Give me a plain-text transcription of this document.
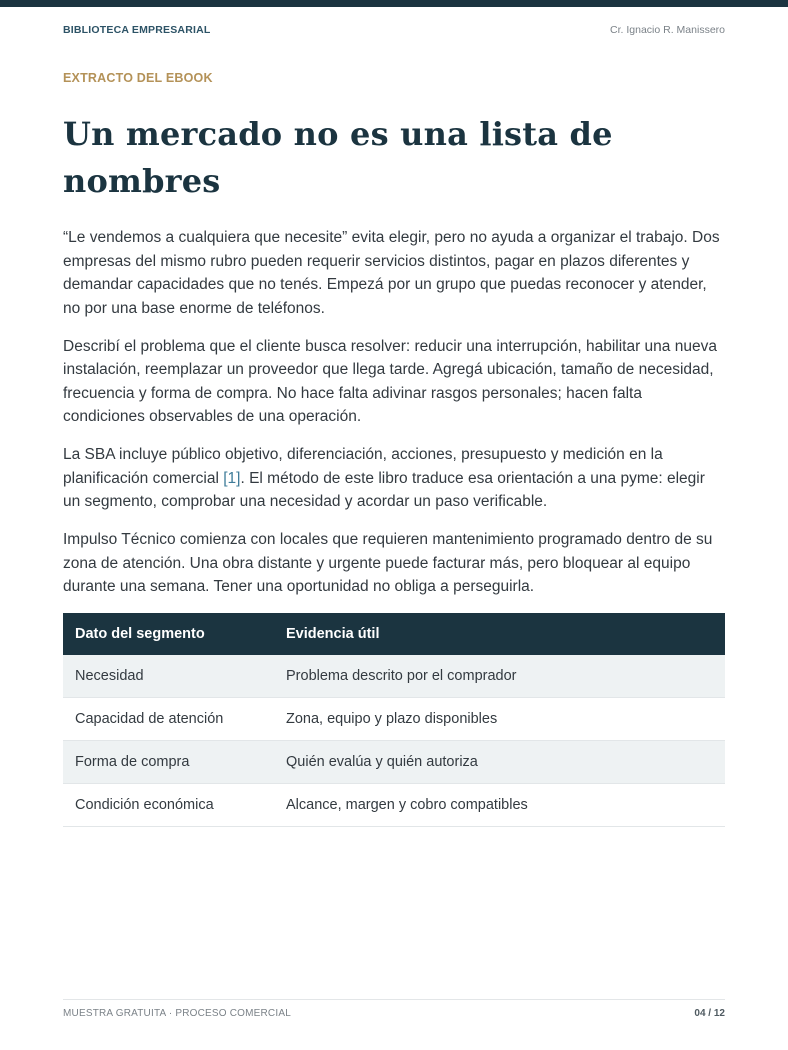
BIBLIOTECA EMPRESARIAL	Cr. Ignacio R. Manissero
EXTRACTO DEL EBOOK
Un mercado no es una lista de nombres

“Le vendemos a cualquiera que necesite” evita elegir, pero no ayuda a organizar el trabajo. Dos empresas del mismo rubro pueden requerir servicios distintos, pagar en plazos diferentes y demandar capacidades que no tenés. Empezá por un grupo que puedas reconocer y atender, no por una base enorme de teléfonos.

Describí el problema que el cliente busca resolver: reducir una interrupción, habilitar una nueva instalación, reemplazar un proveedor que llega tarde. Agregá ubicación, tamaño de necesidad, frecuencia y forma de compra. No hace falta adivinar rasgos personales; hacen falta condiciones observables de una operación.

La SBA incluye público objetivo, diferenciación, acciones, presupuesto y medición en la planificación comercial [1]. El método de este libro traduce esa orientación a una pyme: elegir un segmento, comprobar una necesidad y acordar un paso verificable.

Impulso Técnico comienza con locales que requieren mantenimiento programado dentro de su zona de atención. Una obra distante y urgente puede facturar más, pero bloquear al equipo durante una semana. Tener una oportunidad no obliga a perseguirla.

Dato del segmento	Evidencia útil
Necesidad	Problema descrito por el comprador
Capacidad de atención	Zona, equipo y plazo disponibles
Forma de compra	Quién evalúa y quién autoriza
Condición económica	Alcance, margen y cobro compatibles
MUESTRA GRATUITA · PROCESO COMERCIAL	04 / 12
